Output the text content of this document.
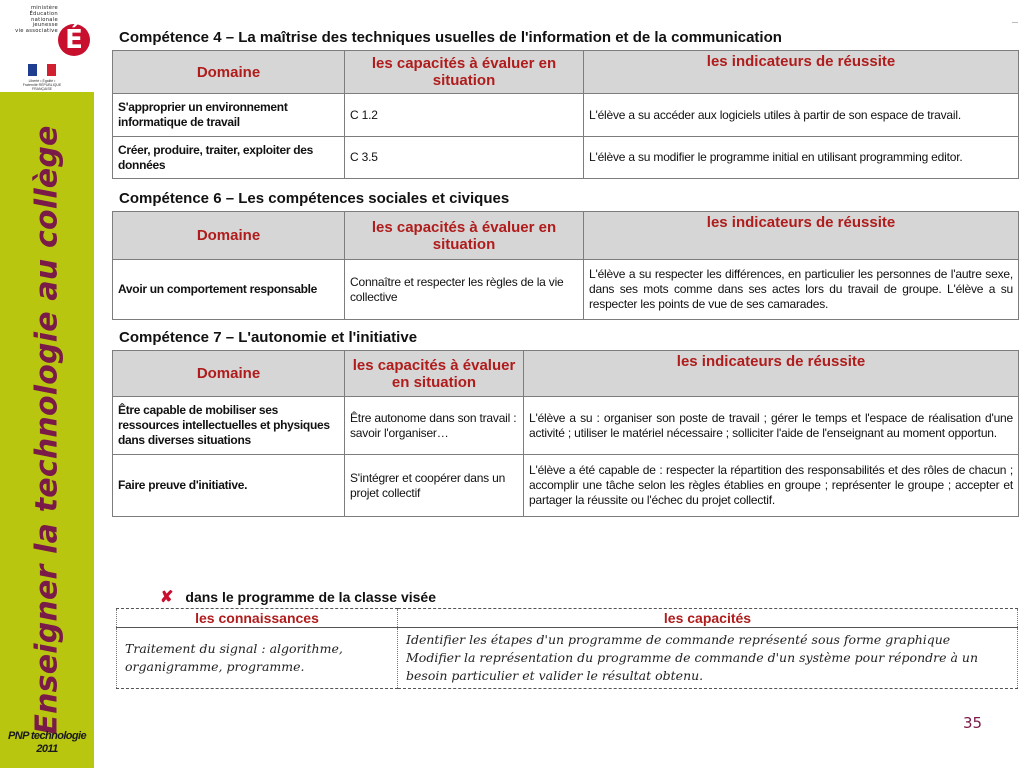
ministère
Éducation
nationale
jeunesse
vie associative É
Liberté • Égalité • Fraternité RÉPUBLIQUE FRANÇAISE
Enseigner la technologie au collège
PNP technologie
2011
Compétence 4 – La maîtrise des techniques usuelles de l'information et de la communication
Domaine	les capacités à évaluer en situation	les indicateurs de réussite
S'approprier un environnement informatique de travail	C 1.2	L'élève a su accéder aux logiciels utiles à partir de son espace de travail.
Créer, produire, traiter, exploiter des données	C 3.5	L'élève a su modifier le programme initial en utilisant programming editor.
Compétence 6 – Les compétences sociales et civiques
Domaine	les capacités à évaluer en situation	les indicateurs de réussite
Avoir un comportement responsable	Connaître et respecter les règles de la vie collective	L'élève a su respecter les différences, en particulier les personnes de l'autre sexe, dans ses mots comme dans ses actes lors du travail de groupe. L'élève a su respecter les points de vue de ses camarades.
Compétence 7 – L'autonomie et l'initiative
Domaine	les capacités à évaluer en situation	les indicateurs de réussite
Être capable de mobiliser ses ressources intellectuelles et physiques dans diverses situations	Être autonome dans son travail : savoir l'organiser…	L'élève a su : organiser son poste de travail ; gérer le temps et l'espace de réalisation d'une activité ; utiliser le matériel nécessaire ; solliciter l'aide de l'enseignant au moment opportun.
Faire preuve d'initiative.	S'intégrer et coopérer dans un projet collectif	L'élève a été capable de : respecter la répartition des responsabilités et des rôles de chacun ; accomplir une tâche selon les règles établies en groupe ; représenter le groupe ; accepter et partager la réussite ou l'échec du projet collectif.
✘ dans le programme de la classe visée
les connaissances	les capacités
Traitement du signal : algorithme, organigramme, programme.	Identifier les étapes d'un programme de commande représenté sous forme graphique
Modifier la représentation du programme de commande d'un système pour répondre à un besoin particulier et valider le résultat obtenu.
35
